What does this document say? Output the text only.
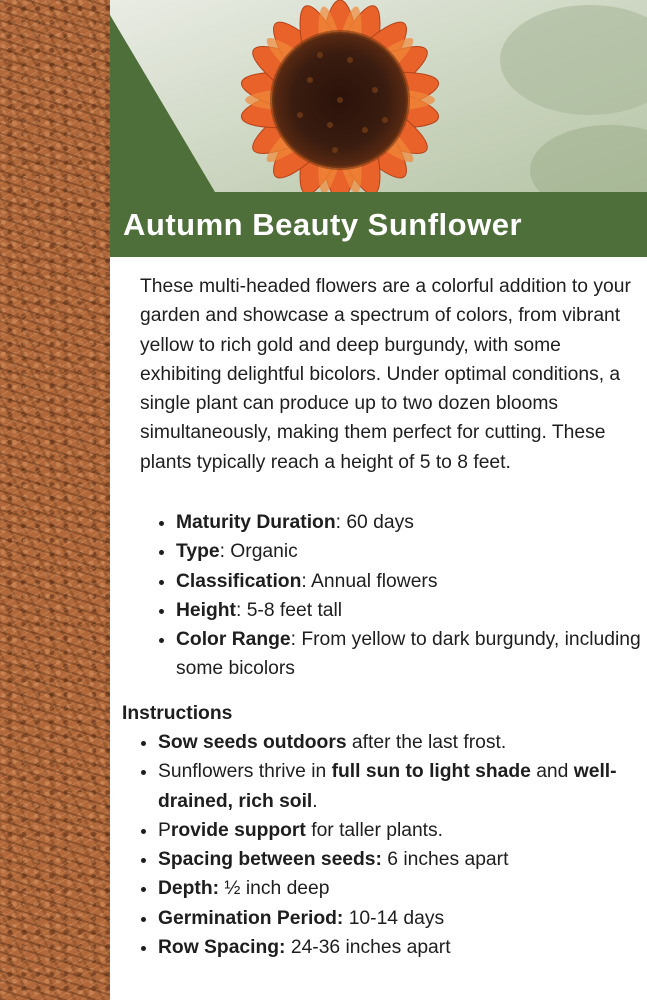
Autumn Beauty Sunflower

These multi-headed flowers are a colorful addition to your garden and showcase a spectrum of colors, from vibrant yellow to rich gold and deep burgundy, with some exhibiting delightful bicolors. Under optimal conditions, a single plant can produce up to two dozen blooms simultaneously, making them perfect for cutting. These plants typically reach a height of 5 to 8 feet.

• Maturity Duration: 60 days
• Type: Organic
• Classification: Annual flowers
• Height: 5-8 feet tall
• Color Range: From yellow to dark burgundy, including some bicolors

Instructions

• Sow seeds outdoors after the last frost.
• Sunflowers thrive in full sun to light shade and well-drained, rich soil.
• Provide support for taller plants.
• Spacing between seeds: 6 inches apart
• Depth: ½ inch deep
• Germination Period: 10-14 days
• Row Spacing: 24-36 inches apart
